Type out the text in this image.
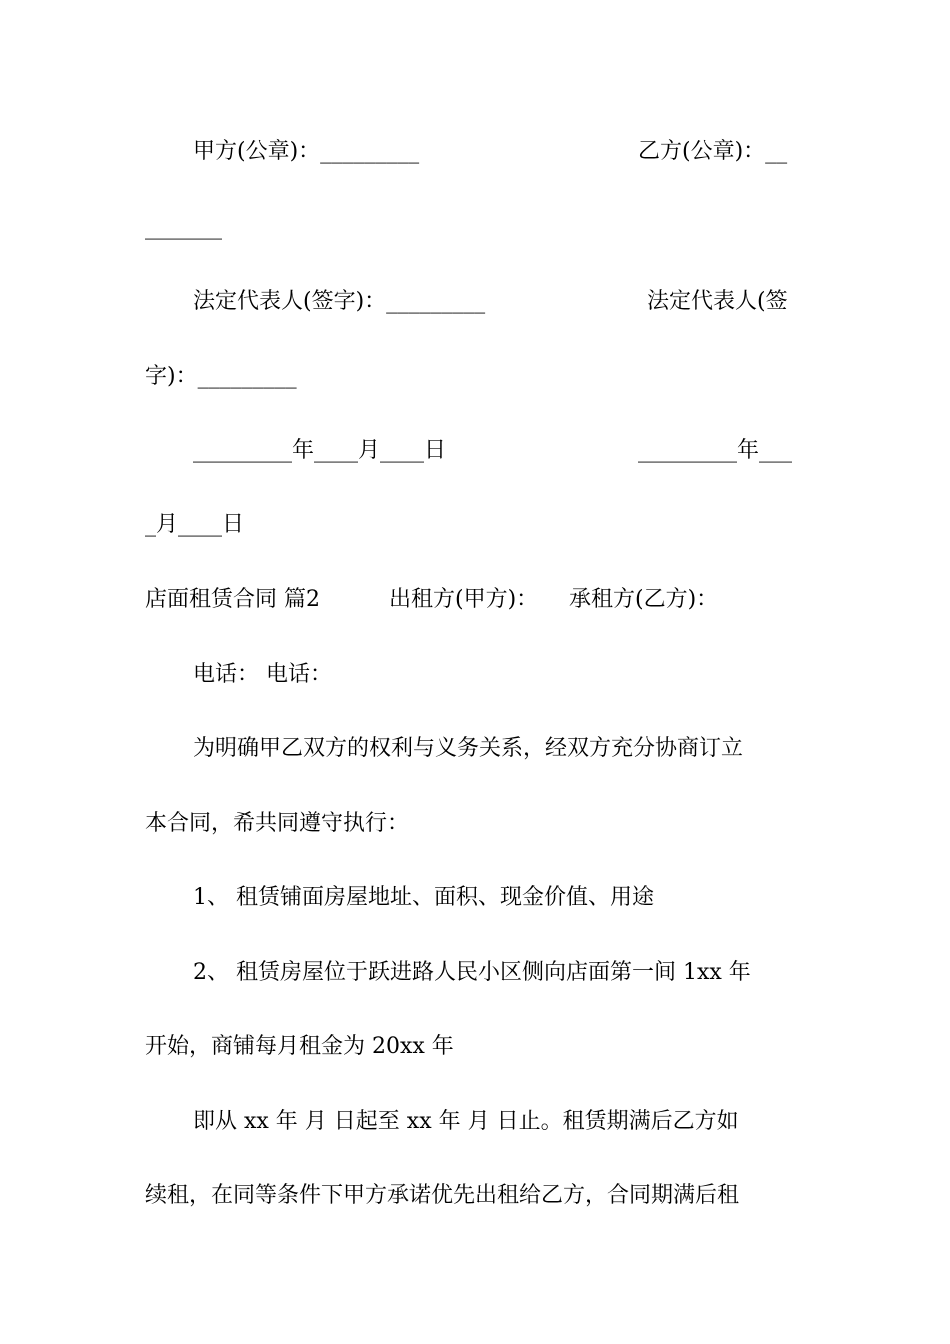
甲方(公章)：_________

	乙方(公章)：__

_______

法定代表人(签字)：_________

	法定代表人(签

字)：_________

_________年____月____日

	_________年___

_月____日

店面租赁合同 篇2

	出租方(甲方)：

承租方(乙方)：

电话： 电话：

为明确甲乙双方的权利与义务关系，经双方充分协商订立

本合同，希共同遵守执行：

1、 租赁铺面房屋地址、面积、现金价值、用途

2、 租赁房屋位于跃进路人民小区侧向店面第一间 1xx 年

开始，商铺每月租金为 20xx 年

即从 xx 年 月 日起至 xx 年 月 日止。租赁期满后乙方如

续租，在同等条件下甲方承诺优先出租给乙方，合同期满后租
